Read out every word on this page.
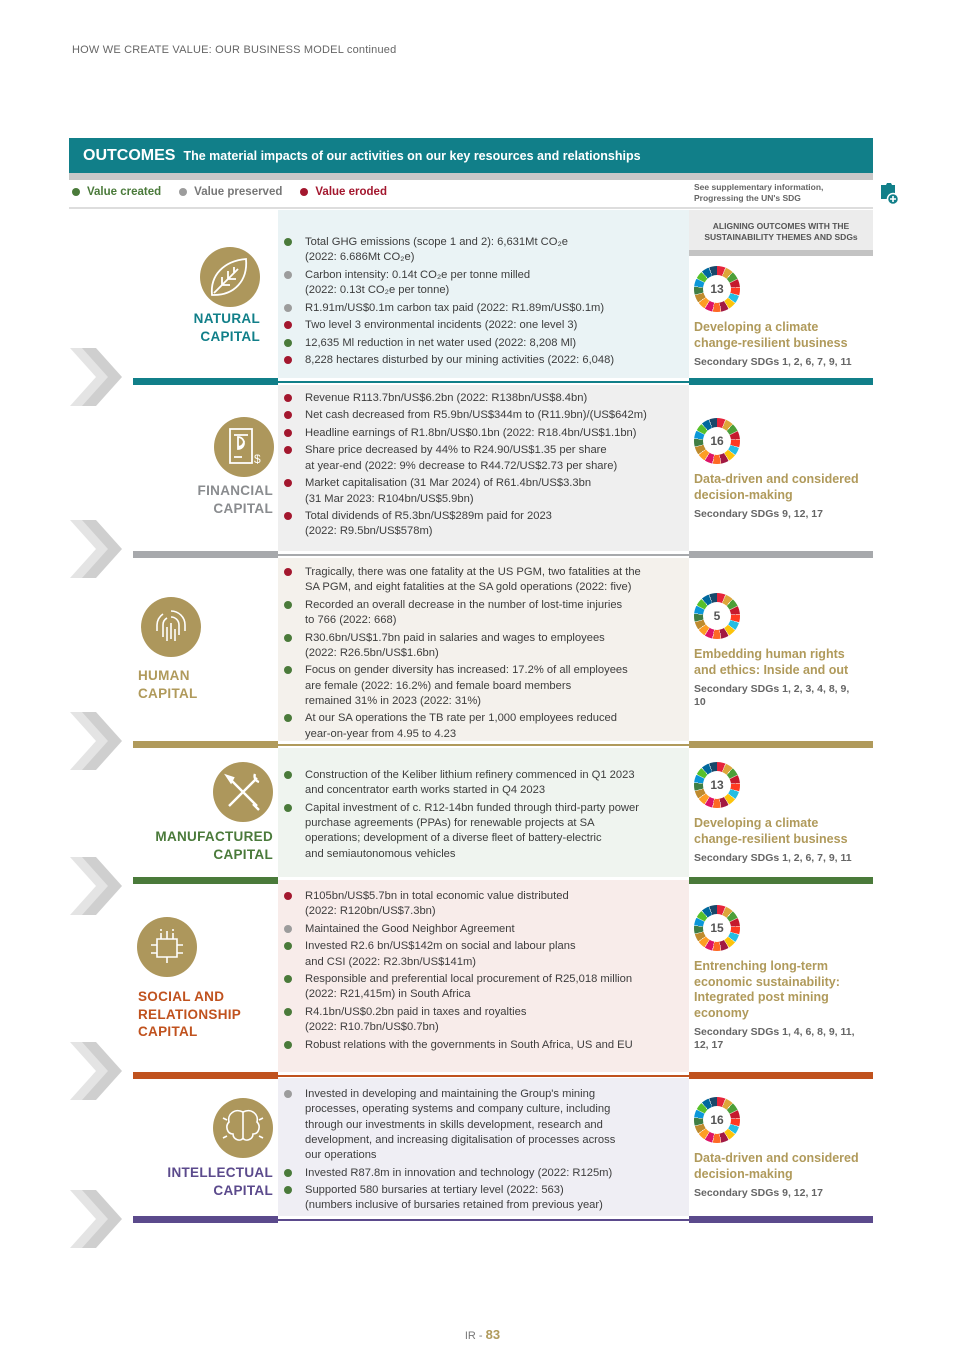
HOW WE CREATE VALUE: OUR BUSINESS MODEL continued
OUTCOMES The material impacts of our activities on our key resources and relationships
Value created	Value preserved	Value eroded	See supplementary information,
Progressing the UN's SDG
ALIGNING OUTCOMES WITH THE
SUSTAINABILITY THEMES AND SDGs
NATURAL
CAPITAL
Total GHG emissions (scope 1 and 2): 6,631Mt CO₂e
(2022: 6.686Mt CO₂e)
Carbon intensity: 0.14t CO₂e per tonne milled
(2022: 0.13t CO₂e per tonne)
R1.91m/US$0.1m carbon tax paid (2022: R1.89m/US$0.1m)
Two level 3 environmental incidents (2022: one level 3)
12,635 Ml reduction in net water used (2022: 8,208 Ml)
8,228 hectares disturbed by our mining activities (2022: 6,048)
13
Developing a climate
change-resilient business
Secondary SDGs 1, 2, 6, 7, 9, 11
$
FINANCIAL
CAPITAL
Revenue R113.7bn/US$6.2bn (2022: R138bn/US$8.4bn)
Net cash decreased from R5.9bn/US$344m to (R11.9bn)/(US$642m)
Headline earnings of R1.8bn/US$0.1bn (2022: R18.4bn/US$1.1bn)
Share price decreased by 44% to R24.90/US$1.35 per share
at year-end (2022: 9% decrease to R44.72/US$2.73 per share)
Market capitalisation (31 Mar 2024) of R61.4bn/US$3.3bn
(31 Mar 2023: R104bn/US$5.9bn)
Total dividends of R5.3bn/US$289m paid for 2023
(2022: R9.5bn/US$578m)
16
Data-driven and considered
decision-making
Secondary SDGs 9, 12, 17
HUMAN
CAPITAL
Tragically, there was one fatality at the US PGM, two fatalities at the
SA PGM, and eight fatalities at the SA gold operations (2022: five)
Recorded an overall decrease in the number of lost-time injuries
to 766 (2022: 668)
R30.6bn/US$1.7bn paid in salaries and wages to employees
(2022: R26.5bn/US$1.6bn)
Focus on gender diversity has increased: 17.2% of all employees
are female (2022: 16.2%) and female board members
remained 31% in 2023 (2022: 31%)
At our SA operations the TB rate per 1,000 employees reduced
year-on-year from 4.95 to 4.23
5
Embedding human rights
and ethics: Inside and out
Secondary SDGs 1, 2, 3, 4, 8, 9,
10
MANUFACTURED
CAPITAL
Construction of the Keliber lithium refinery commenced in Q1 2023
and concentrator earth works started in Q4 2023
Capital investment of c. R12-14bn funded through third-party power
purchase agreements (PPAs) for renewable projects at SA
operations; development of a diverse fleet of battery-electric
and semiautonomous vehicles
13
Developing a climate
change-resilient business
Secondary SDGs 1, 2, 6, 7, 9, 11
SOCIAL AND
RELATIONSHIP
CAPITAL
R105bn/US$5.7bn in total economic value distributed
(2022: R120bn/US$7.3bn)
Maintained the Good Neighbor Agreement
Invested R2.6 bn/US$142m on social and labour plans
and CSI (2022: R2.3bn/US$141m)
Responsible and preferential local procurement of R25,018 million
(2022: R21,415m) in South Africa
R4.1bn/US$0.2bn paid in taxes and royalties
(2022: R10.7bn/US$0.7bn)
Robust relations with the governments in South Africa, US and EU
15
Entrenching long-term
economic sustainability:
Integrated post mining
economy
Secondary SDGs 1, 4, 6, 8, 9, 11,
12, 17
INTELLECTUAL
CAPITAL
Invested in developing and maintaining the Group's mining
processes, operating systems and company culture, including
through our investments in skills development, research and
development, and increasing digitalisation of processes across
our operations
Invested R87.8m in innovation and technology (2022: R125m)
Supported 580 bursaries at tertiary level (2022: 563)
(numbers inclusive of bursaries retained from previous year)
16
Data-driven and considered
decision-making
Secondary SDGs 9, 12, 17
IR - 83
